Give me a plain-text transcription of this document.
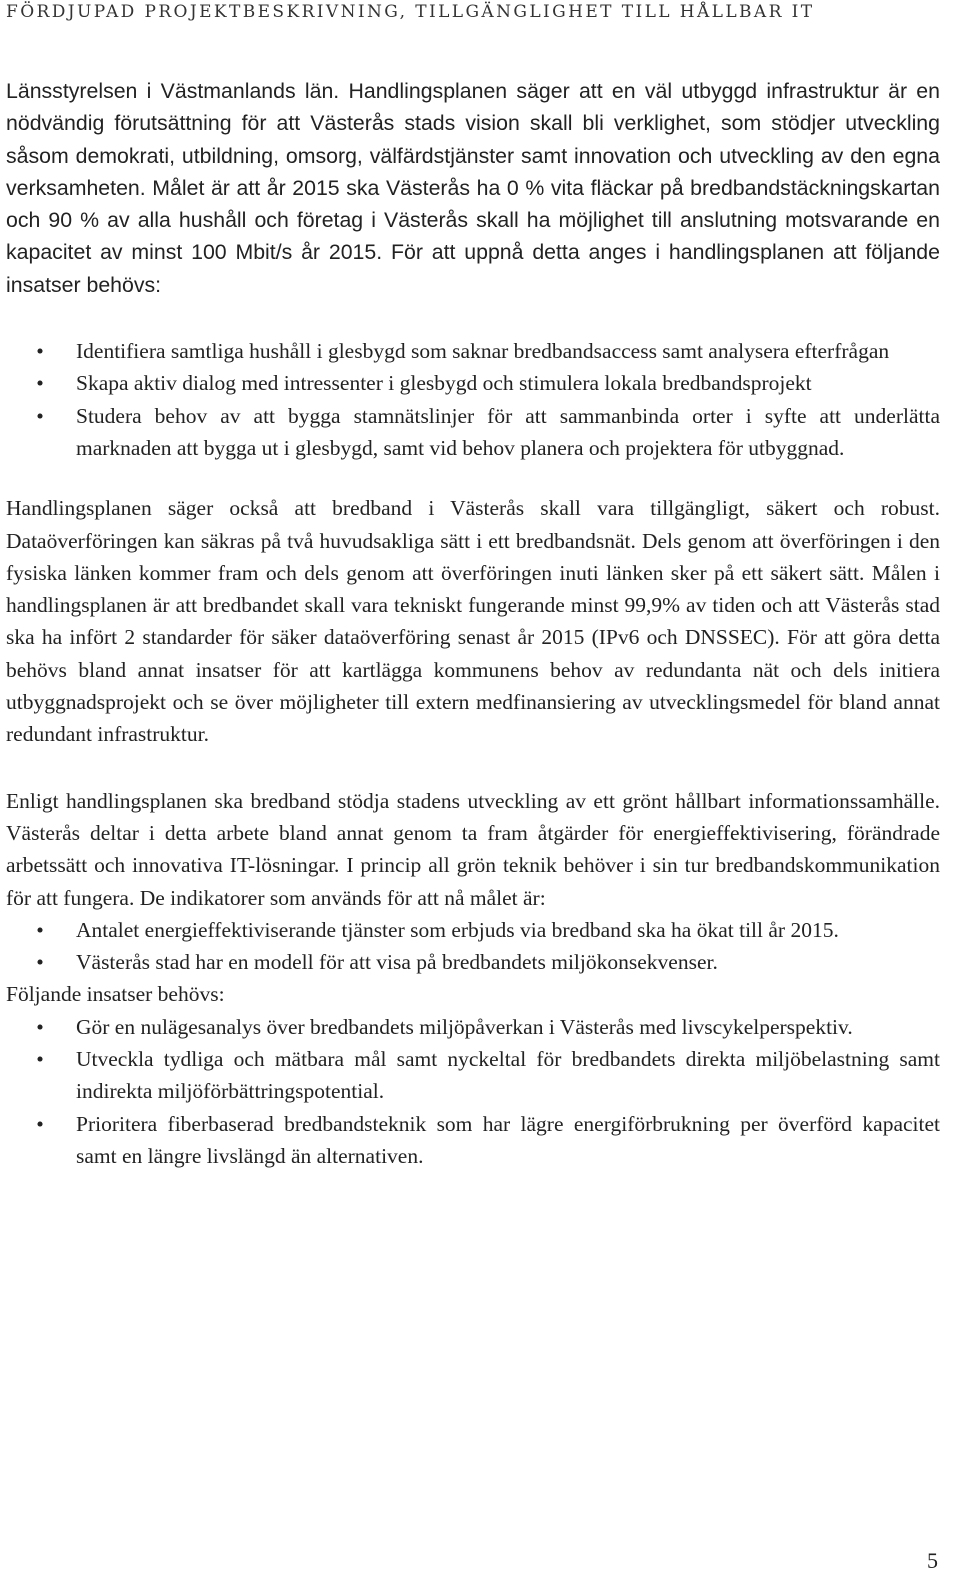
FÖRDJUPAD PROJEKTBESKRIVNING, TILLGÄNGLIGHET TILL HÅLLBAR IT

Länsstyrelsen i Västmanlands län. Handlingsplanen säger att en väl utbyggd infrastruktur är en nödvändig förutsättning för att Västerås stads vision skall bli verklighet, som stödjer utveckling såsom demokrati, utbildning, omsorg, välfärdstjänster samt innovation och utveckling av den egna verksamheten. Målet är att år 2015 ska Västerås ha 0 % vita fläckar på bredbandstäckningskartan och 90 % av alla hushåll och företag i Västerås skall ha möjlighet till anslutning motsvarande en kapacitet av minst 100 Mbit/s år 2015. För att uppnå detta anges i handlingsplanen att följande insatser behövs:

• Identifiera samtliga hushåll i glesbygd som saknar bredbandsaccess samt analysera efterfrågan
• Skapa aktiv dialog med intressenter i glesbygd och stimulera lokala bredbandsprojekt
• Studera behov av att bygga stamnätslinjer för att sammanbinda orter i syfte att underlätta marknaden att bygga ut i glesbygd, samt vid behov planera och projektera för utbyggnad.

Handlingsplanen säger också att bredband i Västerås skall vara tillgängligt, säkert och robust. Dataöverföringen kan säkras på två huvudsakliga sätt i ett bredbandsnät. Dels genom att överföringen i den fysiska länken kommer fram och dels genom att överföringen inuti länken sker på ett säkert sätt. Målen i handlingsplanen är att bredbandet skall vara tekniskt fungerande minst 99,9% av tiden och att Västerås stad ska ha infört 2 standarder för säker dataöverföring senast år 2015 (IPv6 och DNSSEC). För att göra detta behövs bland annat insatser för att kartlägga kommunens behov av redundanta nät och dels initiera utbyggnadsprojekt och se över möjligheter till extern medfinansiering av utvecklingsmedel för bland annat redundant infrastruktur.

Enligt handlingsplanen ska bredband stödja stadens utveckling av ett grönt hållbart informationssamhälle. Västerås deltar i detta arbete bland annat genom ta fram åtgärder för energieffektivisering, förändrade arbetssätt och innovativa IT-lösningar. I princip all grön teknik behöver i sin tur bredbandskommunikation för att fungera. De indikatorer som används för att nå målet är:

• Antalet energieffektiviserande tjänster som erbjuds via bredband ska ha ökat till år 2015.
• Västerås stad har en modell för att visa på bredbandets miljökonsekvenser.

Följande insatser behövs:

• Gör en nulägesanalys över bredbandets miljöpåverkan i Västerås med livscykelperspektiv.
• Utveckla tydliga och mätbara mål samt nyckeltal för bredbandets direkta miljöbelastning samt indirekta miljöförbättringspotential.
• Prioritera fiberbaserad bredbandsteknik som har lägre energiförbrukning per överförd kapacitet samt en längre livslängd än alternativen.
5
